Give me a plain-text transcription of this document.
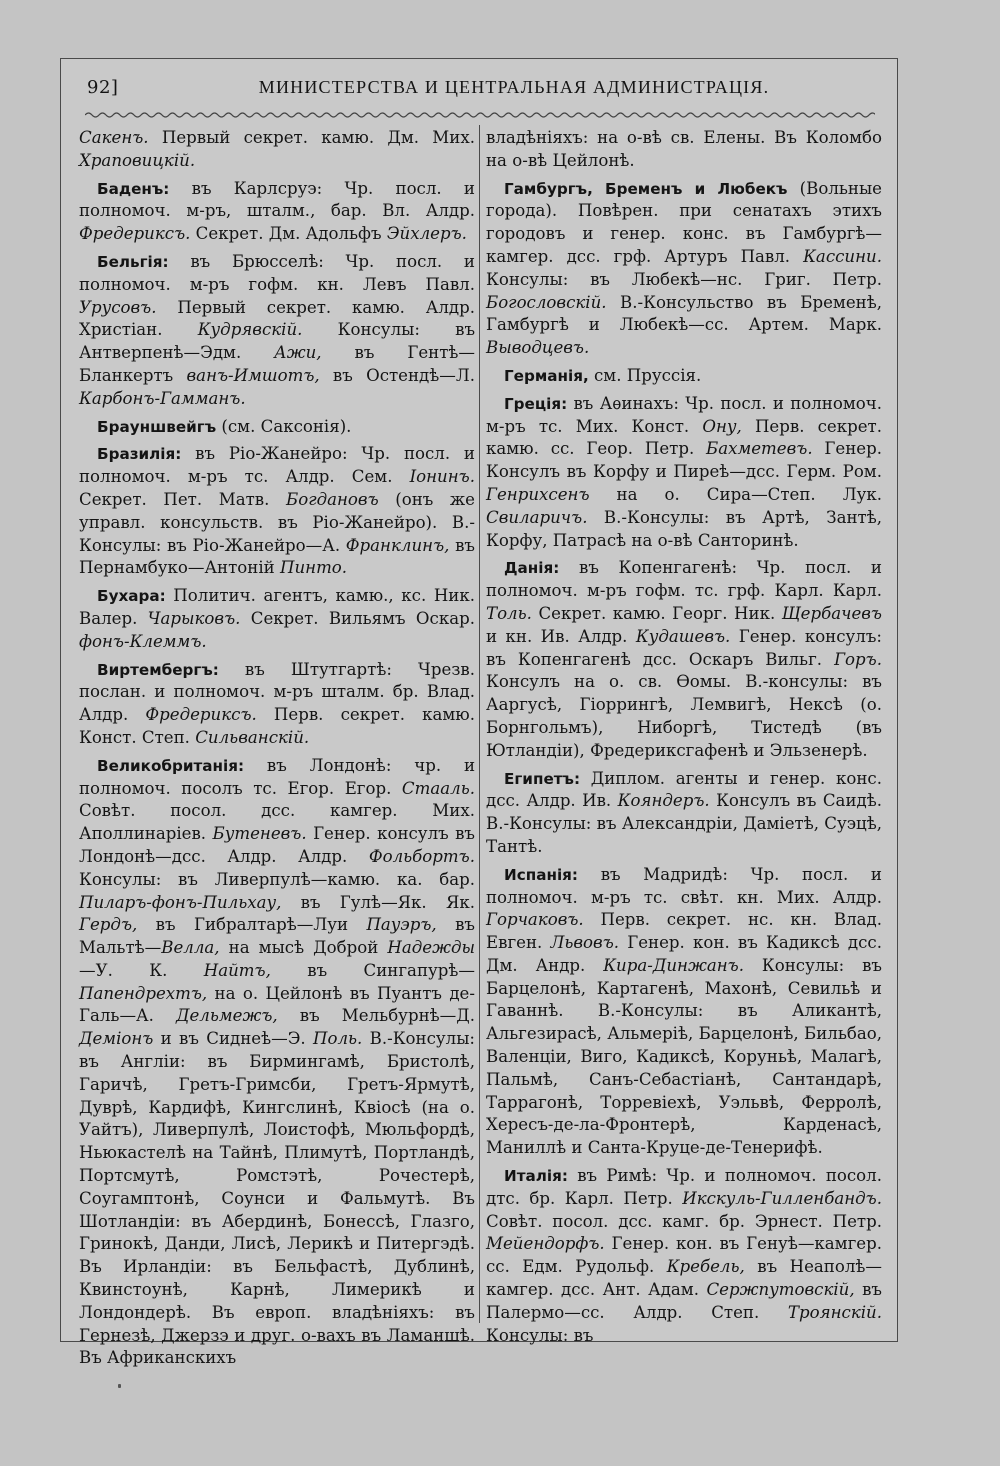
92]	МИНИСТЕРСТВА И ЦЕНТРАЛЬНАЯ АДМИНИСТРАЦІЯ.

Сакенъ. Первый секрет. камю. Дм. Мих. Храповицкій.

Баденъ: въ Карлсруэ: Чр. посл. и полномоч. м-ръ, шталм., бар. Вл. Алдр. Фредериксъ. Секрет. Дм. Адольфъ Эйхлеръ.

Бельгія: въ Брюсселѣ: Чр. посл. и полномоч. м-ръ гофм. кн. Левъ Павл. Урусовъ. Первый секрет. камю. Алдр. Христіан. Кудрявскій. Консулы: въ Антверпенѣ—Эдм. Ажи, въ Гентѣ—Бланкертъ ванъ-Имшотъ, въ Остендѣ—Л. Карбонъ-Гамманъ.

Брауншвейгъ (см. Саксонія).

Бразилія: въ Ріо-Жанейро: Чр. посл. и полномоч. м-ръ тс. Алдр. Сем. Іонинъ. Секрет. Пет. Матв. Богдановъ (онъ же управл. консульств. въ Ріо-Жанейро). В.-Консулы: въ Ріо-Жанейро—А. Франклинъ, въ Пернамбуко—Антоній Пинто.

Бухара: Политич. агентъ, камю., кс. Ник. Валер. Чарыковъ. Секрет. Вильямъ Оскар. фонъ-Клеммъ.

Виртембергъ: въ Штутгартѣ: Чрезв. послан. и полномоч. м-ръ шталм. бр. Влад. Алдр. Фредериксъ. Перв. секрет. камю. Конст. Степ. Сильванскій.

Великобританія: въ Лондонѣ: чр. и полномоч. посолъ тс. Егор. Егор. Стааль. Совѣт. посол. дсс. камгер. Мих. Аполлинаріев. Бутеневъ. Генер. консулъ въ Лондонѣ—дсс. Алдр. Алдр. Фольбортъ. Консулы: въ Ливерпулѣ—камю. ка. бар. Пиларъ-фонъ-Пильхау, въ Гулѣ—Як. Як. Гердъ, въ Гибралтарѣ—Луи Пауэръ, въ Мальтѣ—Велла, на мысѣ Доброй Надежды—У. К. Найтъ, въ Сингапурѣ—Папендрехтъ, на о. Цейлонѣ въ Пуантъ де-Галь—А. Дельмежъ, въ Мельбурнѣ—Д. Деміонъ и въ Сиднеѣ—Э. Поль. В.-Консулы: въ Англіи: въ Бирмингамѣ, Бристолѣ, Гаричѣ, Гретъ-Гримсби, Гретъ-Ярмутѣ, Дуврѣ, Кардифѣ, Кингслинѣ, Квіосѣ (на о. Уайтъ), Ливерпулѣ, Лоистофѣ, Мюльфордѣ, Ньюкастелѣ на Тайнѣ, Плимутѣ, Портландѣ, Портсмутѣ, Ромстэтѣ, Рочестерѣ, Соугамптонѣ, Соунси и Фальмутѣ. Въ Шотландіи: въ Абердинѣ, Бонессѣ, Глазго, Гринокѣ, Данди, Лисѣ, Лерикѣ и Питергэдѣ. Въ Ирландіи: въ Бельфастѣ, Дублинѣ, Квинстоунѣ, Карнѣ, Лимерикѣ и Лондондерѣ. Въ европ. владѣніяхъ: въ Гернезѣ, Джерзэ и друг. о-вахъ въ Ламаншѣ. Въ Африканскихъ

владѣніяхъ: на о-вѣ св. Елены. Въ Коломбо на о-вѣ Цейлонѣ.

Гамбургъ, Бременъ и Любекъ (Вольные города). Повѣрен. при сенатахъ этихъ городовъ и генер. конс. въ Гамбургѣ—камгер. дсс. грф. Артуръ Павл. Кассини. Консулы: въ Любекѣ—нс. Григ. Петр. Богословскій. В.-Консульство въ Бременѣ, Гамбургѣ и Любекѣ—сс. Артем. Марк. Выводцевъ.

Германія, см. Пруссія.

Греція: въ Аѳинахъ: Чр. посл. и полномоч. м-ръ тс. Мих. Конст. Ону, Перв. секрет. камю. сс. Геор. Петр. Бахметевъ. Генер. Консулъ въ Корфу и Пиреѣ—дсс. Герм. Ром. Генрихсенъ на о. Сира—Степ. Лук. Свиларичъ. В.-Консулы: въ Артѣ, Зантѣ, Корфу, Патрасѣ на о-вѣ Санторинѣ.

Данія: въ Копенгагенѣ: Чр. посл. и полномоч. м-ръ гофм. тс. грф. Карл. Карл. Толь. Секрет. камю. Георг. Ник. Щербачевъ и кн. Ив. Алдр. Кудашевъ. Генер. консулъ: въ Копенгагенѣ дсс. Оскаръ Вильг. Горъ. Консулъ на о. св. Ѳомы. В.-консулы: въ Ааргусѣ, Гіоррингѣ, Лемвигѣ, Нексѣ (о. Борнгольмъ), Ниборгѣ, Тистедѣ (въ Ютландіи), Фредериксгафенѣ и Эльзенерѣ.

Египетъ: Диплом. агенты и генер. конс. дсс. Алдр. Ив. Кояндеръ. Консулъ въ Саидѣ. В.-Консулы: въ Александріи, Даміетѣ, Суэцѣ, Тантѣ.

Испанія: въ Мадридѣ: Чр. посл. и полномоч. м-ръ тс. свѣт. кн. Мих. Алдр. Горчаковъ. Перв. секрет. нс. кн. Влад. Евген. Львовъ. Генер. кон. въ Кадиксѣ дсс. Дм. Андр. Кира-Динжанъ. Консулы: въ Барцелонѣ, Картагенѣ, Махонѣ, Севильѣ и Гаваннѣ. В.-Консулы: въ Аликантѣ, Альгезирасѣ, Альмеріѣ, Барцелонѣ, Бильбао, Валенціи, Виго, Кадиксѣ, Коруньѣ, Малагѣ, Пальмѣ, Санъ-Себастіанѣ, Сантандарѣ, Таррагонѣ, Торревіехѣ, Уэльвѣ, Ферролѣ, Хересъ-де-ла-Фронтерѣ, Карденасѣ, Маниллѣ и Санта-Круце-де-Тенерифѣ.

Италія: въ Римѣ: Чр. и полномоч. посол. дтс. бр. Карл. Петр. Икскуль-Гилленбандъ. Совѣт. посол. дсс. камг. бр. Эрнест. Петр. Мейендорфъ. Генер. кон. въ Генуѣ—камгер. сс. Едм. Рудольф. Кребель, въ Неаполѣ—камгер. дсс. Ант. Адам. Сержпутовскій, въ Палермо—сс. Алдр. Степ. Троянскій. Консулы: въ
